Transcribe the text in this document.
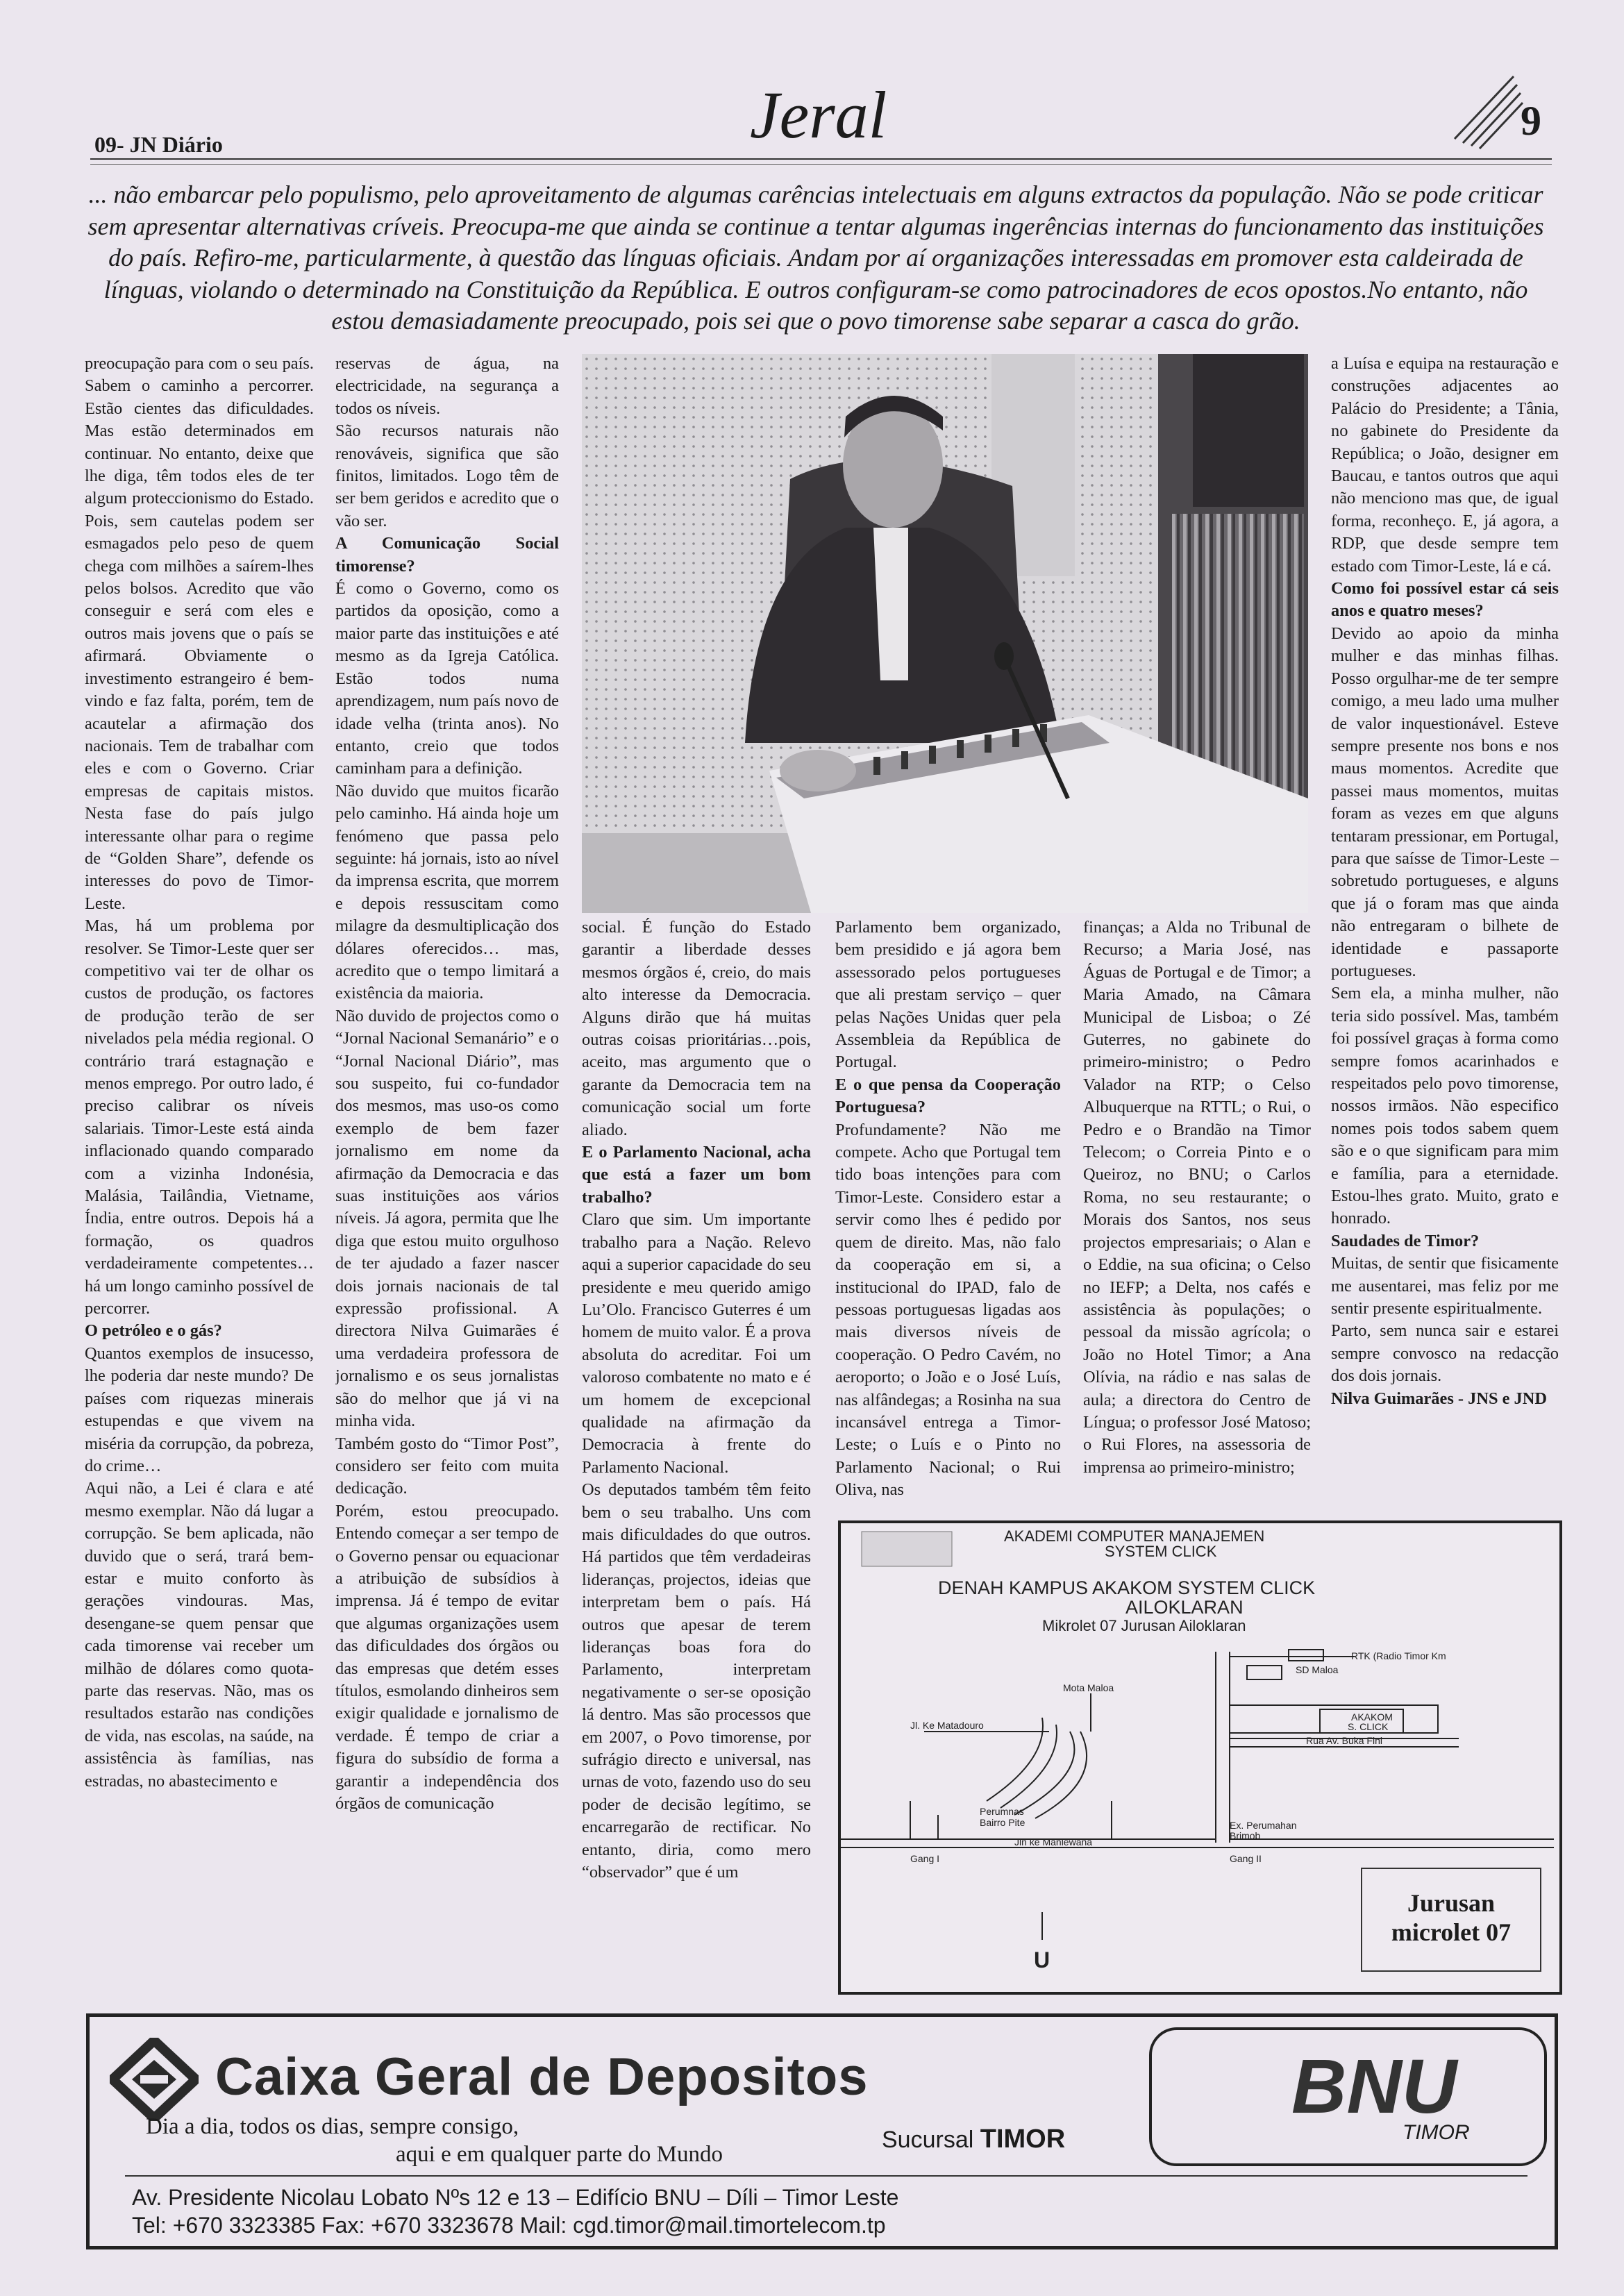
09- JN Diário	Jeral	9
... não embarcar pelo populismo, pelo aproveitamento de algumas carências intelectuais em alguns extractos da população. Não se pode criticar sem apresentar alternativas críveis. Preocupa-me que ainda se continue a tentar algumas ingerências internas do funcionamento das instituições do país. Refiro-me, particularmente, à questão das línguas oficiais. Andam por aí organizações interessadas em promover esta caldeirada de línguas, violando o determinado na Constituição da República. E outros configuram-se como patrocinadores de ecos opostos.No entanto, não estou demasiadamente preocupado, pois sei que o povo timorense sabe separar a casca do grão.

preocupação para com o seu país. Sabem o caminho a percorrer. Estão cientes das dificuldades. Mas estão determinados em continuar. No entanto, deixe que lhe diga, têm todos eles de ter algum proteccionismo do Estado. Pois, sem cautelas podem ser esmagados pelo peso de quem chega com milhões a saírem-lhes pelos bolsos. Acredito que vão conseguir e será com eles e outros mais jovens que o país se afirmará. Obviamente o investimento estrangeiro é bem-vindo e faz falta, porém, tem de acautelar a afirmação dos nacionais. Tem de trabalhar com eles e com o Governo. Criar empresas de capitais mistos. Nesta fase do país julgo interessante olhar para o regime de “Golden Share”, defende os interesses do povo de Timor-Leste.

Mas, há um problema por resolver. Se Timor-Leste quer ser competitivo vai ter de olhar os custos de produção, os factores de produção terão de ser nivelados pela média regional. O contrário trará estagnação e menos emprego. Por outro lado, é preciso calibrar os níveis salariais. Timor-Leste está ainda inflacionado quando comparado com a vizinha Indonésia, Malásia, Tailândia, Vietname, Índia, entre outros. Depois há a formação, os quadros verdadeiramente competentes… há um longo caminho possível de percorrer.

O petróleo e o gás?

Quantos exemplos de insucesso, lhe poderia dar neste mundo? De países com riquezas minerais estupendas e que vivem na miséria da corrupção, da pobreza, do crime…

Aqui não, a Lei é clara e até mesmo exemplar. Não dá lugar a corrupção. Se bem aplicada, não duvido que o será, trará bem-estar e muito conforto às gerações vindouras. Mas, desengane-se quem pensar que cada timorense vai receber um milhão de dólares como quota-parte das reservas. Não, mas os resultados estarão nas condições de vida, nas escolas, na saúde, na assistência às famílias, nas estradas, no abastecimento e

reservas de água, na electricidade, na segurança a todos os níveis.

São recursos naturais não renováveis, significa que são finitos, limitados. Logo têm de ser bem geridos e acredito que o vão ser.

A Comunicação Social timorense?

É como o Governo, como os partidos da oposição, como a maior parte das instituições e até mesmo as da Igreja Católica. Estão todos numa aprendizagem, num país novo de idade velha (trinta anos). No entanto, creio que todos caminham para a definição.

Não duvido que muitos ficarão pelo caminho. Há ainda hoje um fenómeno que passa pelo seguinte: há jornais, isto ao nível da imprensa escrita, que morrem e depois ressuscitam como milagre da desmultiplicação dos dólares oferecidos… mas, acredito que o tempo limitará a existência da maioria.

Não duvido de projectos como o “Jornal Nacional Semanário” e o “Jornal Nacional Diário”, mas sou suspeito, fui co-fundador dos mesmos, mas uso-os como exemplo de bem fazer jornalismo em nome da afirmação da Democracia e das suas instituições aos vários níveis. Já agora, permita que lhe diga que estou muito orgulhoso de ter ajudado a fazer nascer dois jornais nacionais de tal expressão profissional. A directora Nilva Guimarães é uma verdadeira professora de jornalismo e os seus jornalistas são do melhor que já vi na minha vida.

Também gosto do “Timor Post”, considero ser feito com muita dedicação.

Porém, estou preocupado. Entendo começar a ser tempo de o Governo pensar ou equacionar a atribuição de subsídios à imprensa. Já é tempo de evitar que algumas organizações usem das dificuldades dos órgãos ou das empresas que detém esses títulos, esmolando dinheiros sem exigir qualidade e jornalismo de verdade. É tempo de criar a figura do subsídio de forma a garantir a independência dos órgãos de comunicação

social. É função do Estado garantir a liberdade desses mesmos órgãos é, creio, do mais alto interesse da Democracia. Alguns dirão que há muitas outras coisas prioritárias…pois, aceito, mas argumento que o garante da Democracia tem na comunicação social um forte aliado.

E o Parlamento Nacional, acha que está a fazer um bom trabalho?

Claro que sim. Um importante trabalho para a Nação. Relevo aqui a superior capacidade do seu presidente e meu querido amigo Lu’Olo. Francisco Guterres é um homem de muito valor. É a prova absoluta do acreditar. Foi um valoroso combatente no mato e é um homem de excepcional qualidade na afirmação da Democracia à frente do Parlamento Nacional.

Os deputados também têm feito bem o seu trabalho. Uns com mais dificuldades do que outros. Há partidos que têm verdadeiras lideranças, projectos, ideias que interpretam bem o país. Há outros que apesar de terem lideranças boas fora do Parlamento, interpretam negativamente o ser-se oposição lá dentro. Mas são processos que em 2007, o Povo timorense, por sufrágio directo e universal, nas urnas de voto, fazendo uso do seu poder de decisão legítimo, se encarregarão de rectificar. No entanto, diria, como mero “observador” que é um

Parlamento bem organizado, bem presidido e já agora bem assessorado pelos portugueses que ali prestam serviço – quer pelas Nações Unidas quer pela Assembleia da República de Portugal.

E o que pensa da Cooperação Portuguesa?

Profundamente? Não me compete. Acho que Portugal tem tido boas intenções para com Timor-Leste. Considero estar a servir como lhes é pedido por quem de direito. Mas, não falo da cooperação em si, a institucional do IPAD, falo de pessoas portuguesas ligadas aos mais diversos níveis de cooperação. O Pedro Cavém, no aeroporto; o João e o José Luís, nas alfândegas; a Rosinha na sua incansável entrega a Timor-Leste; o Luís e o Pinto no Parlamento Nacional; o Rui Oliva, nas

finanças; a Alda no Tribunal de Recurso; a Maria José, nas Águas de Portugal e de Timor; a Maria Amado, na Câmara Municipal de Lisboa; o Zé Guterres, no gabinete do primeiro-ministro; o Pedro Valador na RTP; o Celso Albuquerque na RTTL; o Rui, o Pedro e o Brandão na Timor Telecom; o Correia Pinto e o Queiroz, no BNU; o Carlos Roma, no seu restaurante; o Morais dos Santos, nos seus projectos empresariais; o Alan e o Eddie, na sua oficina; o Celso no IEFP; a Delta, nos cafés e assistência às populações; o pessoal da missão agrícola; o João no Hotel Timor; a Ana Olívia, na rádio e nas salas de aula; a directora do Centro de Língua; o professor José Matoso; o Rui Flores, na assessoria de imprensa ao primeiro-ministro;

a Luísa e equipa na restauração e construções adjacentes ao Palácio do Presidente; a Tânia, no gabinete do Presidente da República; o João, designer em Baucau, e tantos outros que aqui não menciono mas que, de igual forma, reconheço. E, já agora, a RDP, que desde sempre tem estado com Timor-Leste, lá e cá.

Como foi possível estar cá seis anos e quatro meses?

Devido ao apoio da minha mulher e das minhas filhas. Posso orgulhar-me de ter sempre comigo, a meu lado uma mulher de valor inquestionável. Esteve sempre presente nos bons e nos maus momentos. Acredite que passei maus momentos, muitas foram as vezes em que alguns tentaram pressionar, em Portugal, para que saísse de Timor-Leste – sobretudo portugueses, e alguns que já o foram mas que ainda não entregaram o bilhete de identidade e passaporte portugueses.

Sem ela, a minha mulher, não teria sido possível. Mas, também foi possível graças à forma como sempre fomos acarinhados e respeitados pelo povo timorense, nossos irmãos. Não especifico nomes pois todos sabem quem são e o que significam para mim e família, para a eternidade. Estou-lhes grato. Muito, grato e honrado.

Saudades de Timor?

Muitas, de sentir que fisicamente me ausentarei, mas feliz por me sentir presente espiritualmente.

Parto, sem nunca sair e estarei sempre convosco na redacção dos dois jornais.

Nilva Guimarães - JNS e JND

AKADEMI COMPUTER MANAJEMEN
SYSTEM CLICK
DENAH KAMPUS AKAKOM SYSTEM CLICK
AILOKLARAN
Mikrolet 07 Jurusan Ailoklaran
RTK (Radio Timor Km
SD Maloa
AKAKOM
S. CLICK
Rua Av. Buka Fini
Mota Maloa
Jl. Ke Matadouro
Perumnas
Bairro Pite	Ex. Perumahan
Brimob
Jln ke Manlewana
Gang I	Gang II
U
Jurusan
microlet 07
Caixa Geral de Depositos
Dia a dia, todos os dias, sempre consigo,
aqui e em qualquer parte do Mundo
Sucursal TIMOR
BNU
TIMOR
Av. Presidente Nicolau Lobato Nºs 12 e 13 – Edifício BNU – Díli – Timor Leste
Tel: +670 3323385 Fax: +670 3323678 Mail: cgd.timor@mail.timortelecom.tp
